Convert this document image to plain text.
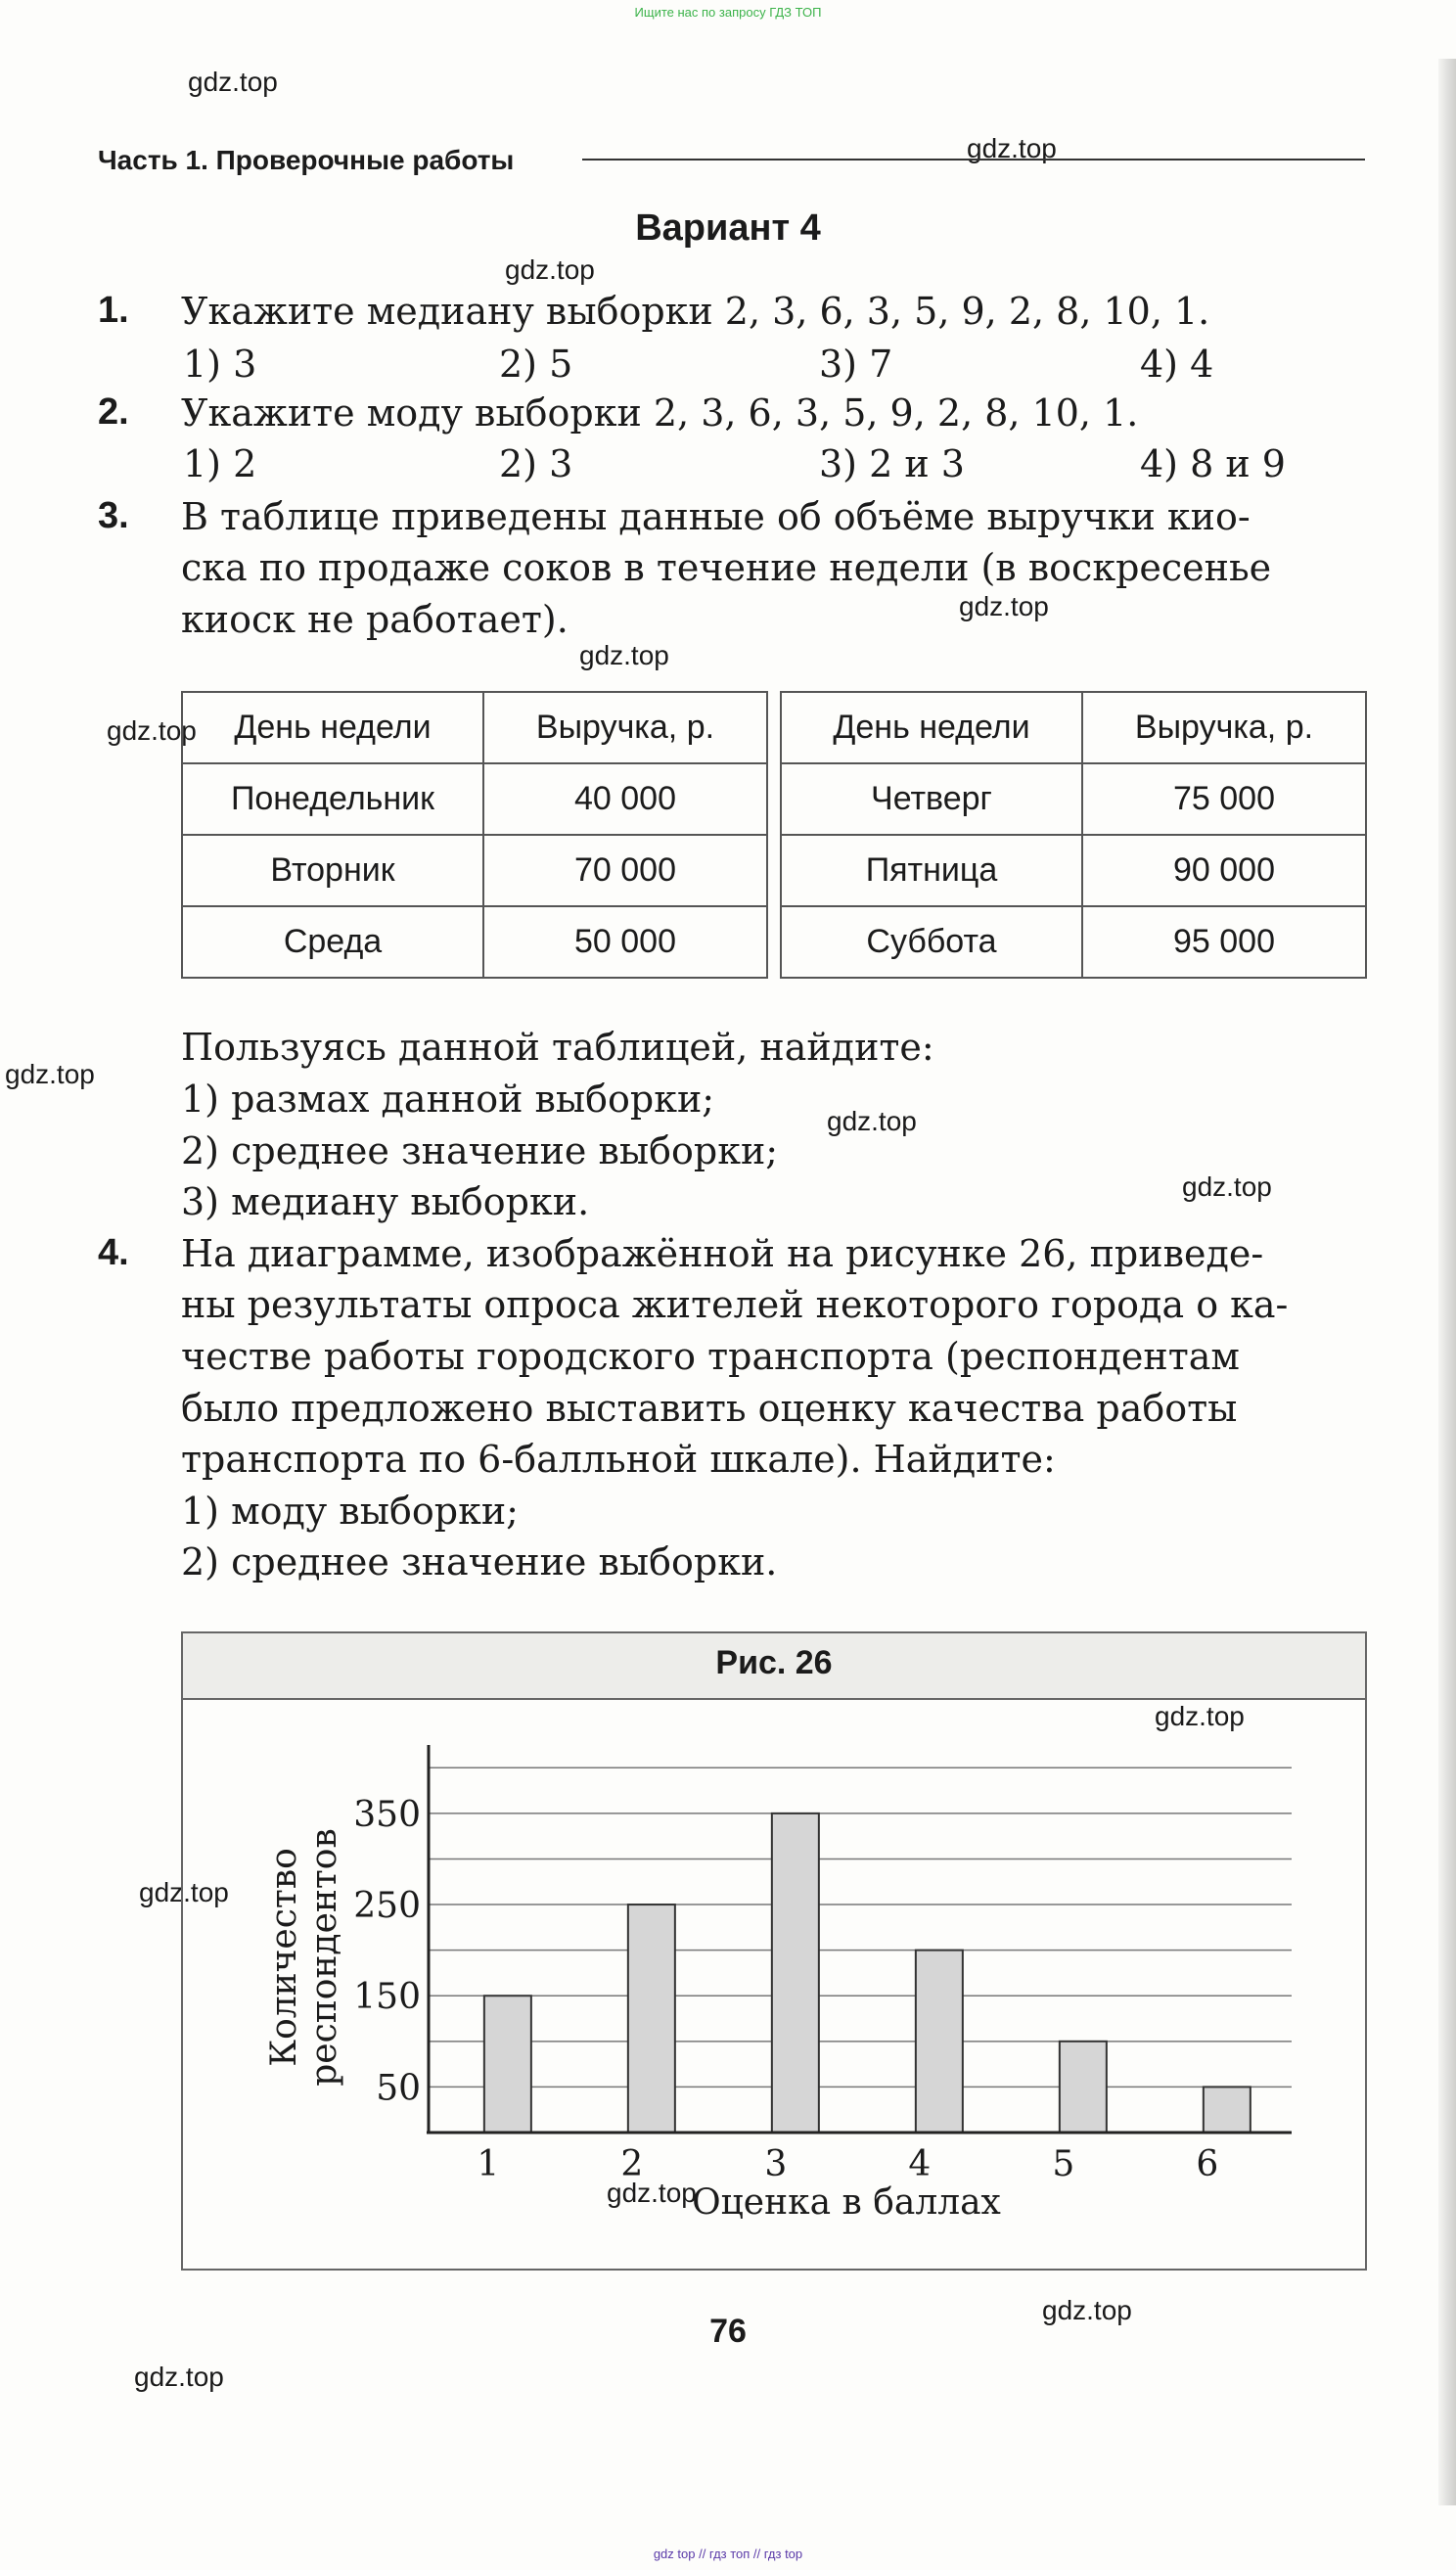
Ищите нас по запросу ГДЗ ТОП
gdz.top
gdz.top
gdz.top
gdz.top
gdz.top
gdz.top
gdz.top
gdz.top
gdz.top
gdz.top
gdz.top
gdz.top
gdz.top
gdz.top
Часть 1. Проверочные работы
Вариант 4
1. Укажите медиану выборки 2, 3, 6, 3, 5, 9, 2, 8, 10, 1.
1) 3	2) 5	3) 7	4) 4
2. Укажите моду выборки 2, 3, 6, 3, 5, 9, 2, 8, 10, 1.
1) 2	2) 3	3) 2 и 3	4) 8 и 9
3. В таблице приведены данные об объёме выручки кио-
ска по продаже соков в течение недели (в воскресенье
киоск не работает).
День недели	Выручка, р.
Понедельник	40 000
Вторник	70 000
Среда	50 000
День недели	Выручка, р.
Четверг	75 000
Пятница	90 000
Суббота	95 000
Пользуясь данной таблицей, найдите:
1) размах данной выборки;
2) среднее значение выборки;
3) медиану выборки.
4. На диаграмме, изображённой на рисунке 26, приведе-
ны результаты опроса жителей некоторого города о ка-
честве работы городского транспорта (респондентам
было предложено выставить оценку качества работы
транспорта по 6-балльной шкале). Найдите:
1) моду выборки;
2) среднее значение выборки.
Рис. 26
1	2	3	4	5	6
50
150
250
350
Оценка в баллах
Количество респондентов
76
gdz top // гдз топ // гдз top
